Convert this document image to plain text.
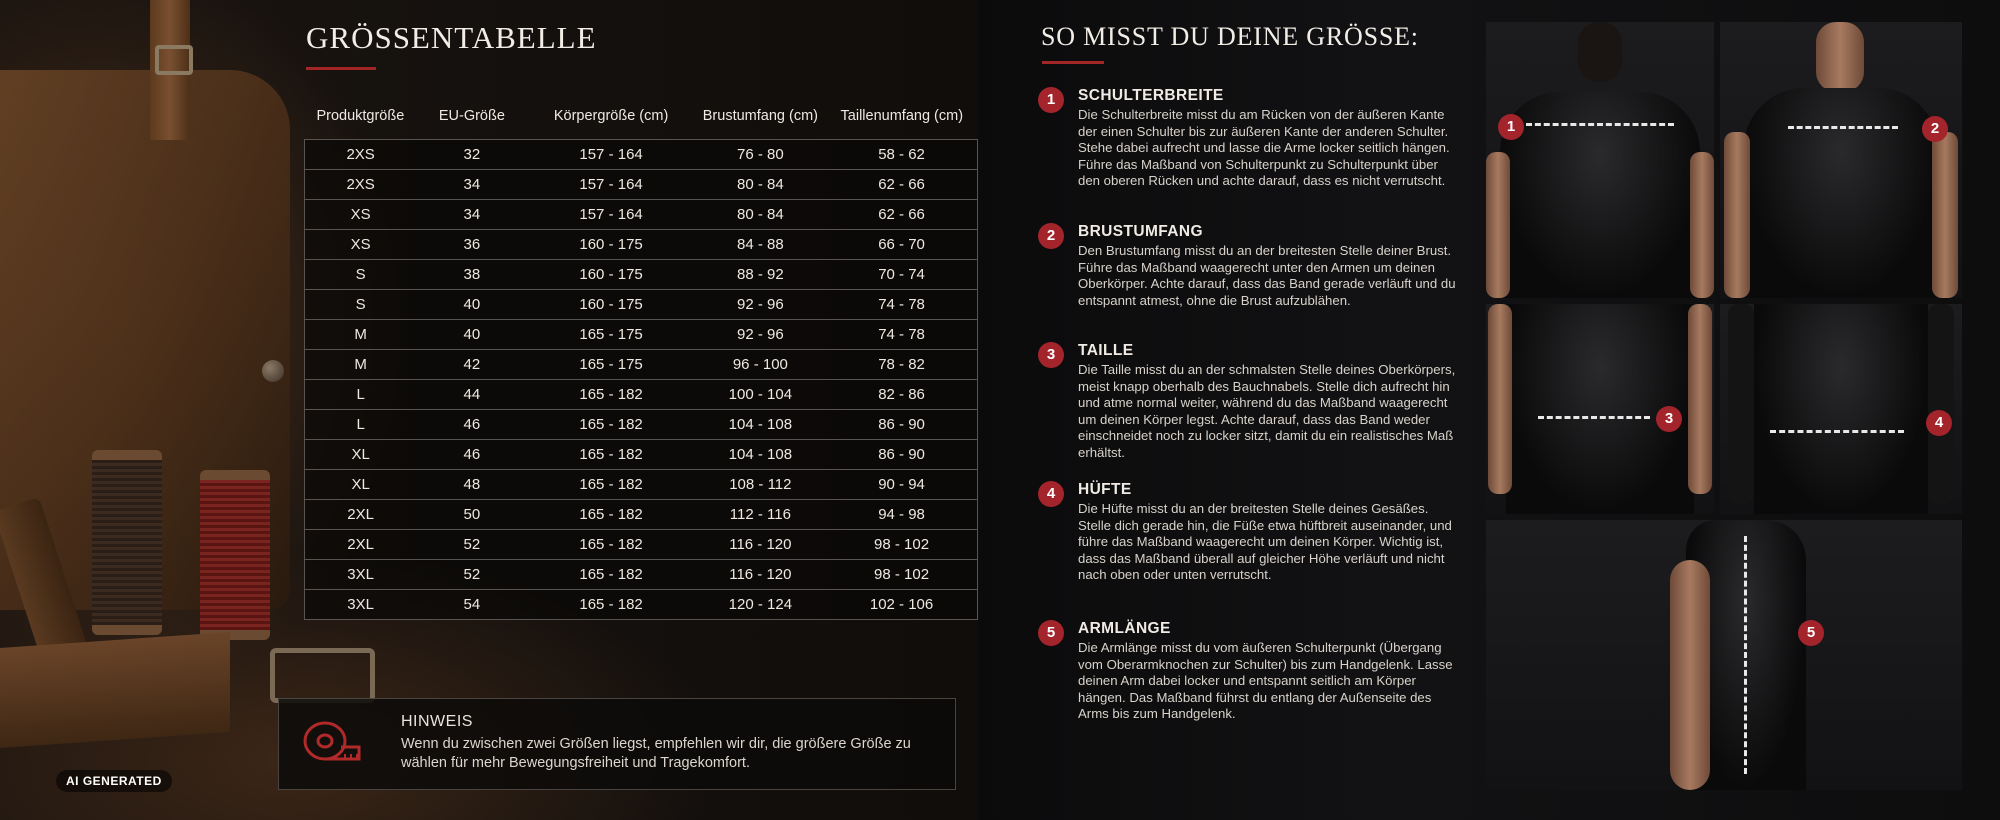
GRÖSSENTABELLE
Produktgröße	EU-Größe	Körpergröße (cm)	Brustumfang (cm)	Taillenumfang (cm)

2XS	32	157 - 164	76 - 80	58 - 62
2XS	34	157 - 164	80 - 84	62 - 66
XS	34	157 - 164	80 - 84	62 - 66
XS	36	160 - 175	84 - 88	66 - 70
S	38	160 - 175	88 - 92	70 - 74
S	40	160 - 175	92 - 96	74 - 78
M	40	165 - 175	92 - 96	74 - 78
M	42	165 - 175	96 - 100	78 - 82
L	44	165 - 182	100 - 104	82 - 86
L	46	165 - 182	104 - 108	86 - 90
XL	46	165 - 182	104 - 108	86 - 90
XL	48	165 - 182	108 - 112	90 - 94
2XL	50	165 - 182	112 - 116	94 - 98
2XL	52	165 - 182	116 - 120	98 - 102
3XL	52	165 - 182	116 - 120	98 - 102
3XL	54	165 - 182	120 - 124	102 - 106
HINWEIS
Wenn du zwischen zwei Größen liegst, empfehlen wir dir, die größere Größe zu wählen für mehr Bewegungsfreiheit und Tragekomfort.
AI GENERATED
SO MISST DU DEINE GRÖSSE:
1	SCHULTERBREITE
Die Schulterbreite misst du am Rücken von der äußeren Kante der einen Schulter bis zur äußeren Kante der anderen Schulter. Stehe dabei aufrecht und lasse die Arme locker seitlich hängen. Führe das Maßband von Schulterpunkt zu Schulterpunkt über den oberen Rücken und achte darauf, dass es nicht verrutscht.
2	BRUSTUMFANG
Den Brustumfang misst du an der breitesten Stelle deiner Brust. Führe das Maßband waagerecht unter den Armen um deinen Oberkörper. Achte darauf, dass das Band gerade verläuft und du entspannt atmest, ohne die Brust aufzublähen.
3	TAILLE
Die Taille misst du an der schmalsten Stelle deines Oberkörpers, meist knapp oberhalb des Bauchnabels. Stelle dich aufrecht hin und atme normal weiter, während du das Maßband waagerecht um deinen Körper legst. Achte darauf, dass das Band weder einschneidet noch zu locker sitzt, damit du ein realistisches Maß erhältst.
4	HÜFTE
Die Hüfte misst du an der breitesten Stelle deines Gesäßes. Stelle dich gerade hin, die Füße etwa hüftbreit auseinander, und führe das Maßband waagerecht um deinen Körper. Wichtig ist, dass das Maßband überall auf gleicher Höhe verläuft und nicht nach oben oder unten verrutscht.
5	ARMLÄNGE
Die Armlänge misst du vom äußeren Schulterpunkt (Übergang vom Oberarmknochen zur Schulter) bis zum Handgelenk. Lasse deinen Arm dabei locker und entspannt seitlich am Körper hängen. Das Maßband führst du entlang der Außenseite des Arms bis zum Handgelenk.
1	2
3	4
5
